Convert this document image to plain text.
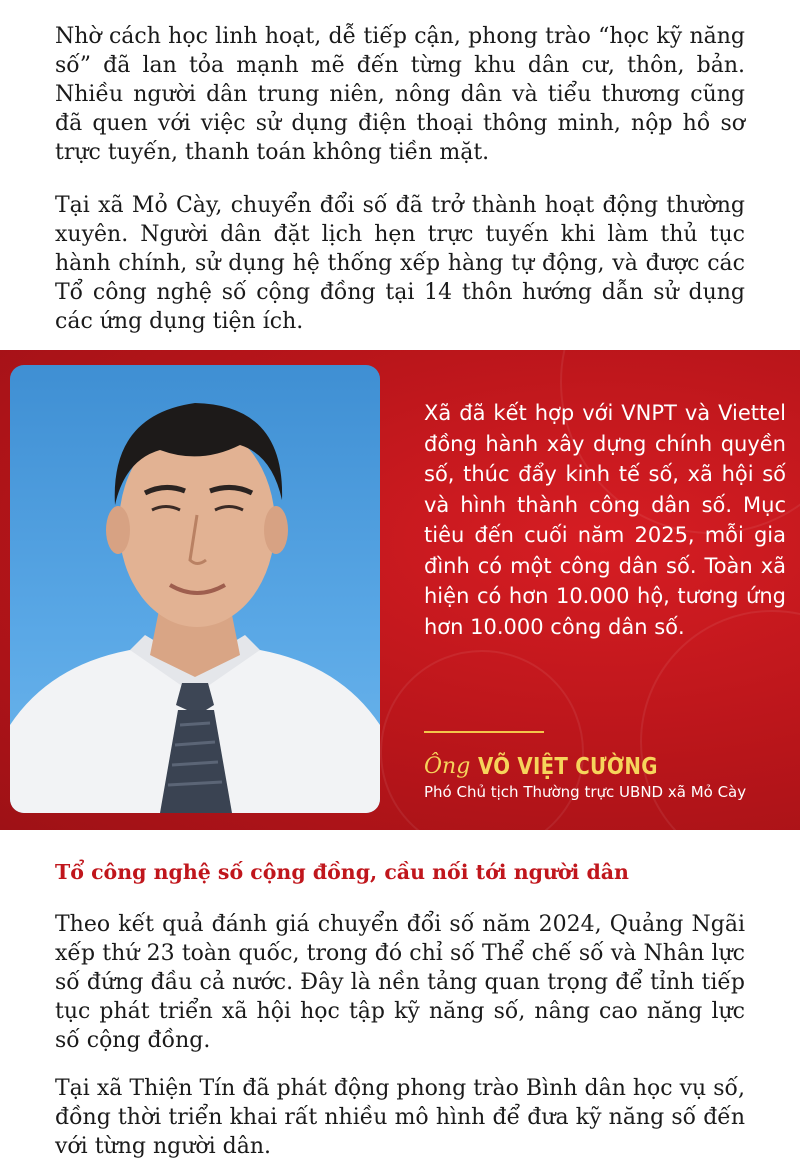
Nhờ cách học linh hoạt, dễ tiếp cận, phong trào “học kỹ năng số” đã lan tỏa mạnh mẽ đến từng khu dân cư, thôn, bản. Nhiều người dân trung niên, nông dân và tiểu thương cũng đã quen với việc sử dụng điện thoại thông minh, nộp hồ sơ trực tuyến, thanh toán không tiền mặt.

Tại xã Mỏ Cày, chuyển đổi số đã trở thành hoạt động thường xuyên. Người dân đặt lịch hẹn trực tuyến khi làm thủ tục hành chính, sử dụng hệ thống xếp hàng tự động, và được các Tổ công nghệ số cộng đồng tại 14 thôn hướng dẫn sử dụng các ứng dụng tiện ích.

Xã đã kết hợp với VNPT và Viettel đồng hành xây dựng chính quyền số, thúc đẩy kinh tế số, xã hội số và hình thành công dân số. Mục tiêu đến cuối năm 2025, mỗi gia đình có một công dân số. Toàn xã hiện có hơn 10.000 hộ, tương ứng hơn 10.000 công dân số.

Ông VÕ VIỆT CƯỜNG
Phó Chủ tịch Thường trực UBND xã Mỏ Cày
Tổ công nghệ số cộng đồng, cầu nối tới người dân

Theo kết quả đánh giá chuyển đổi số năm 2024, Quảng Ngãi xếp thứ 23 toàn quốc, trong đó chỉ số Thể chế số và Nhân lực số đứng đầu cả nước. Đây là nền tảng quan trọng để tỉnh tiếp tục phát triển xã hội học tập kỹ năng số, nâng cao năng lực số cộng đồng.

Tại xã Thiện Tín đã phát động phong trào Bình dân học vụ số, đồng thời triển khai rất nhiều mô hình để đưa kỹ năng số đến với từng người dân.
